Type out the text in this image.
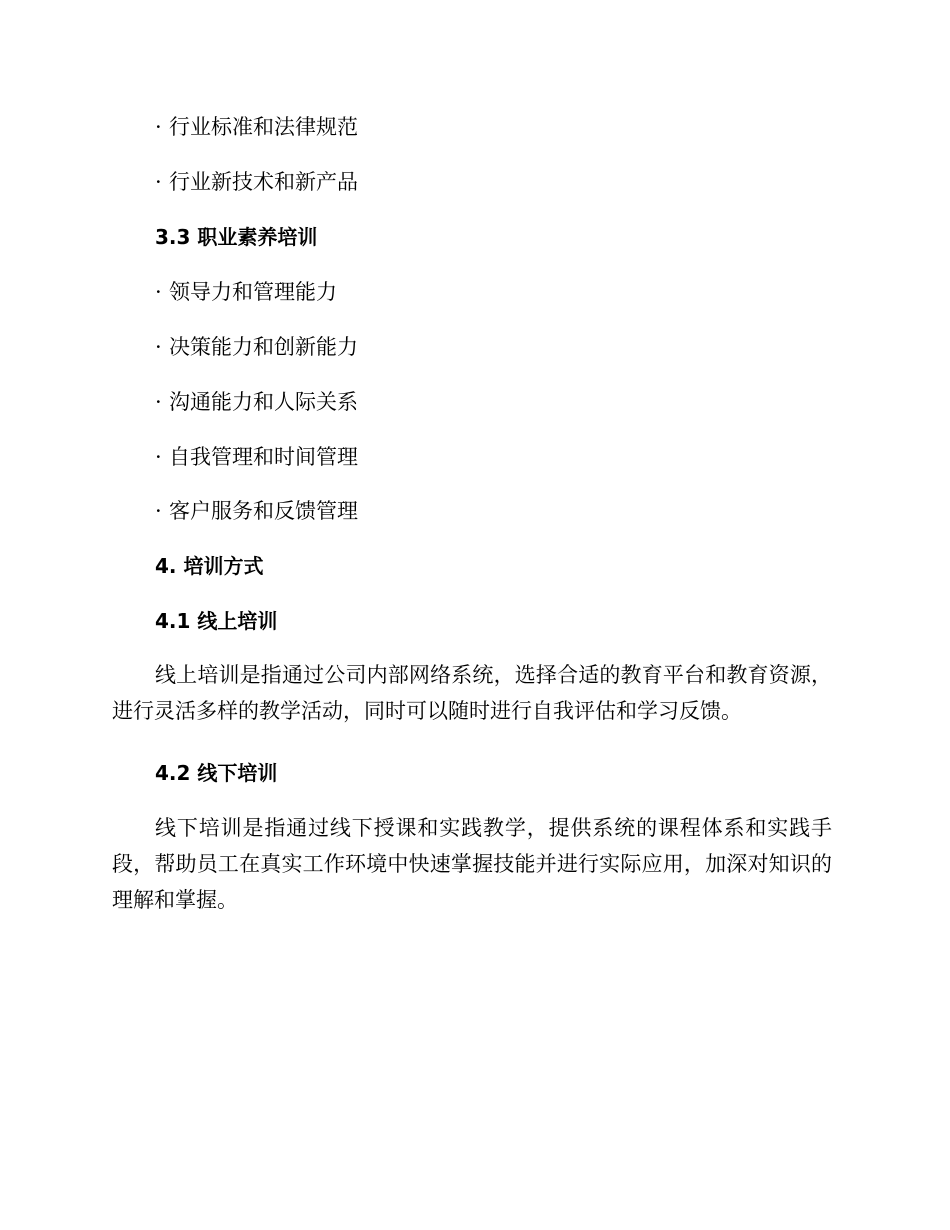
· 行业标准和法律规范
· 行业新技术和新产品
3.3 职业素养培训
· 领导力和管理能力
· 决策能力和创新能力
· 沟通能力和人际关系
· 自我管理和时间管理
· 客户服务和反馈管理
4. 培训方式
4.1 线上培训
线上培训是指通过公司内部网络系统，选择合适的教育平台和教育资源，进行灵活多样的教学活动，同时可以随时进行自我评估和学习反馈。
4.2 线下培训
线下培训是指通过线下授课和实践教学，提供系统的课程体系和实践手段，帮助员工在真实工作环境中快速掌握技能并进行实际应用，加深对知识的理解和掌握。
